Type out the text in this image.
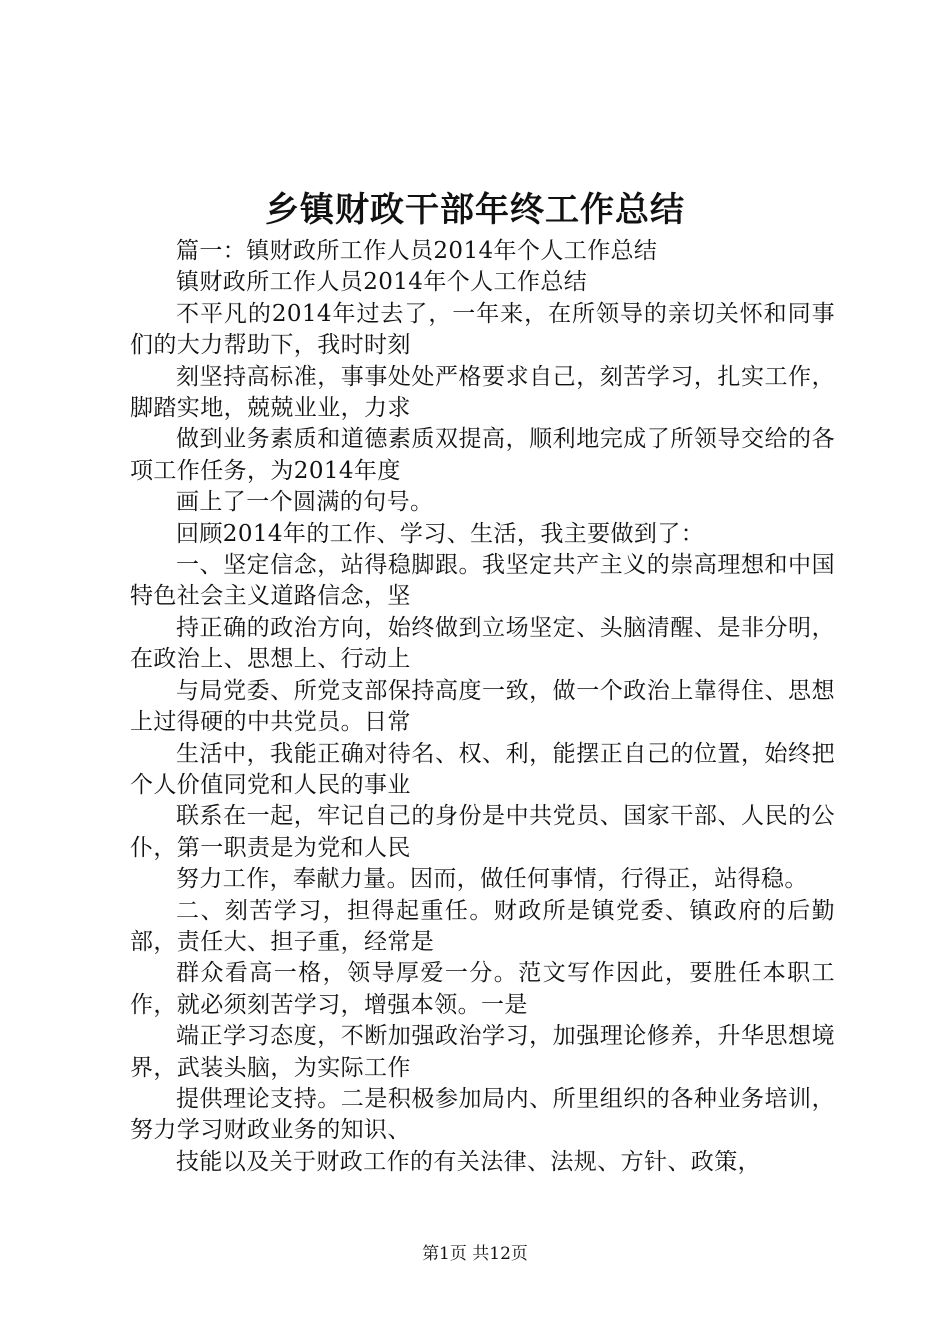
乡镇财政干部年终工作总结

篇一：镇财政所工作人员2014年个人工作总结

镇财政所工作人员2014年个人工作总结

不平凡的2014年过去了，一年来，在所领导的亲切关怀和同事们的大力帮助下，我时时刻

刻坚持高标准，事事处处严格要求自己，刻苦学习，扎实工作，脚踏实地，兢兢业业，力求

做到业务素质和道德素质双提高，顺利地完成了所领导交给的各项工作任务，为2014年度

画上了一个圆满的句号。

回顾2014年的工作、学习、生活，我主要做到了：

一、坚定信念，站得稳脚跟。我坚定共产主义的崇高理想和中国特色社会主义道路信念，坚

持正确的政治方向，始终做到立场坚定、头脑清醒、是非分明，在政治上、思想上、行动上

与局党委、所党支部保持高度一致，做一个政治上靠得住、思想上过得硬的中共党员。日常

生活中，我能正确对待名、权、利，能摆正自己的位置，始终把个人价值同党和人民的事业

联系在一起，牢记自己的身份是中共党员、国家干部、人民的公仆，第一职责是为党和人民

努力工作，奉献力量。因而，做任何事情，行得正，站得稳。

二、刻苦学习，担得起重任。财政所是镇党委、镇政府的后勤部，责任大、担子重，经常是

群众看高一格，领导厚爱一分。范文写作因此，要胜任本职工作，就必须刻苦学习，增强本领。一是

端正学习态度，不断加强政治学习，加强理论修养，升华思想境界，武装头脑，为实际工作

提供理论支持。二是积极参加局内、所里组织的各种业务培训，努力学习财政业务的知识、

技能以及关于财政工作的有关法律、法规、方针、政策，

第1页 共12页
